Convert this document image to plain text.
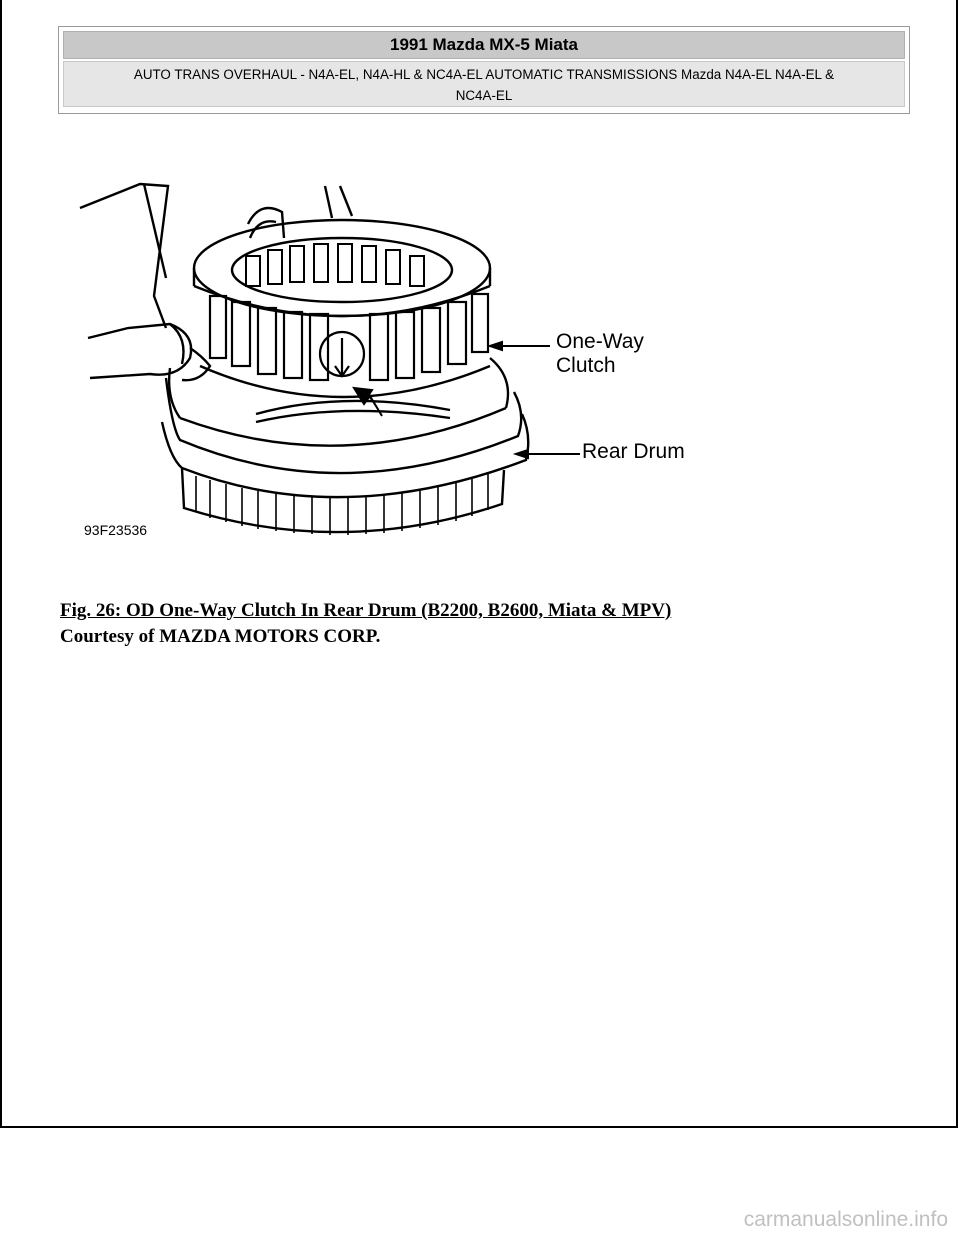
1991 Mazda MX-5 Miata
AUTO TRANS OVERHAUL - N4A-EL, N4A-HL & NC4A-EL AUTOMATIC TRANSMISSIONS Mazda N4A-EL N4A-EL &
NC4A-EL
One-Way
Clutch
Rear Drum
93F23536
Fig. 26: OD One-Way Clutch In Rear Drum (B2200, B2600, Miata & MPV)
Courtesy of MAZDA MOTORS CORP.
carmanualsonline.info
